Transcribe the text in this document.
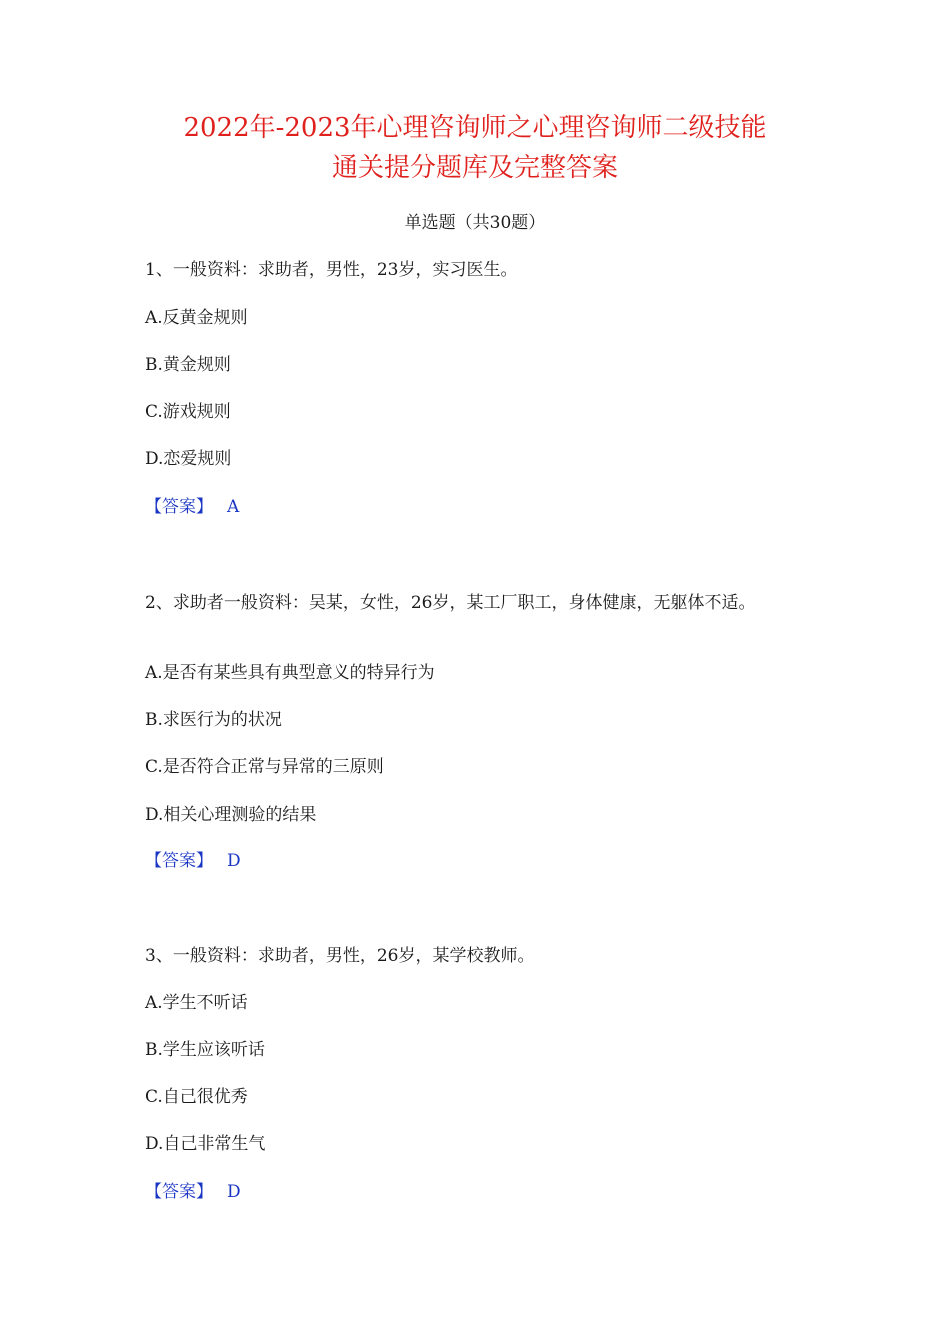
2022年-2023年心理咨询师之心理咨询师二级技能
通关提分题库及完整答案
单选题（共30题）
1、一般资料：求助者，男性，23岁，实习医生。
A.反黄金规则
B.黄金规则
C.游戏规则
D.恋爱规则
【答案】 A
2、求助者一般资料：吴某，女性，26岁，某工厂职工，身体健康，无躯体不适。
A.是否有某些具有典型意义的特异行为
B.求医行为的状况
C.是否符合正常与异常的三原则
D.相关心理测验的结果
【答案】 D
3、一般资料：求助者，男性，26岁，某学校教师。
A.学生不听话
B.学生应该听话
C.自己很优秀
D.自己非常生气
【答案】 D
